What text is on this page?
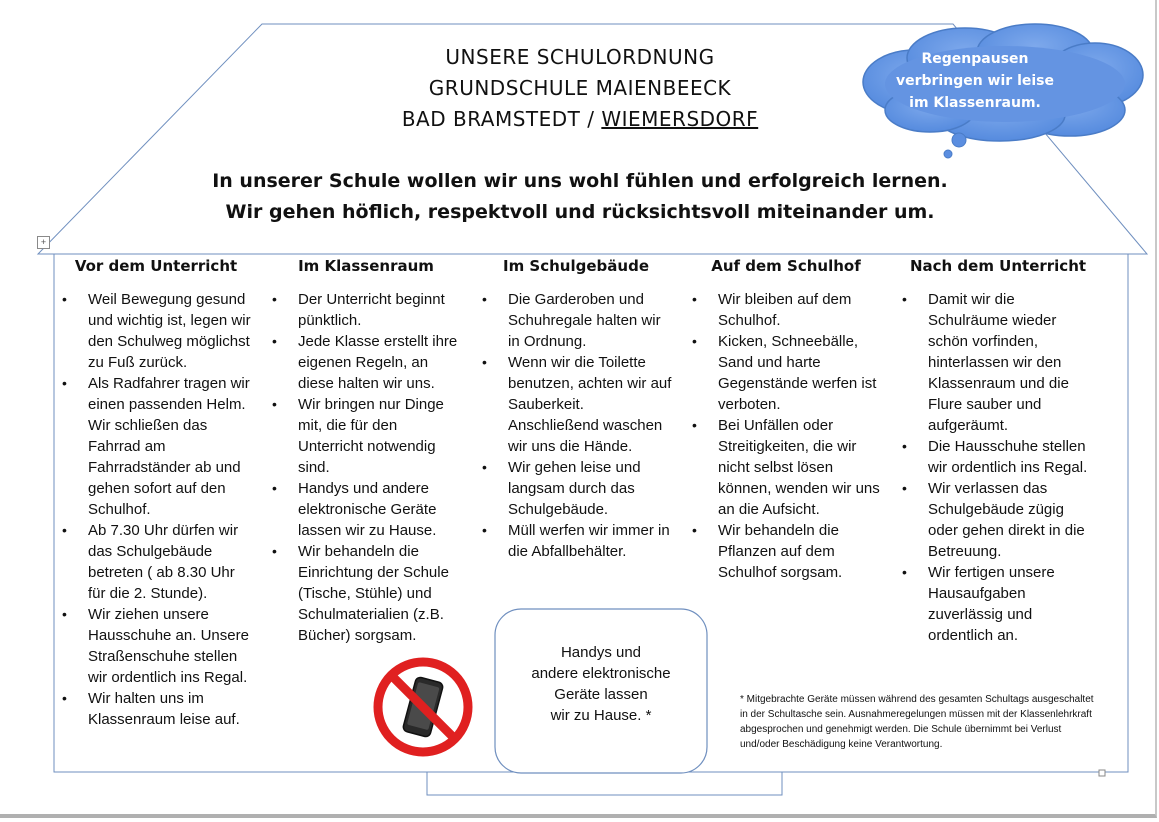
Regenpausen
verbringen wir leise
im Klassenraum.
UNSERE SCHULORDNUNG
GRUNDSCHULE MAIENBEECK
BAD BRAMSTEDT / WIEMERSDORF
In unserer Schule wollen wir uns wohl fühlen und erfolgreich lernen.
Wir gehen höflich, respektvoll und rücksichtsvoll miteinander um.
+
Vor dem Unterricht
• Weil Bewegung gesund und wichtig ist, legen wir den Schulweg möglichst zu Fuß zurück.
• Als Radfahrer tragen wir einen passenden Helm. Wir schließen das Fahrrad am Fahrradständer ab und gehen sofort auf den Schulhof.
• Ab 7.30 Uhr dürfen wir das Schulgebäude betreten ( ab 8.30 Uhr für die 2. Stunde).
• Wir ziehen unsere Hausschuhe an. Unsere Straßenschuhe stellen wir ordentlich ins Regal.
• Wir halten uns im Klassenraum leise auf.
Im Klassenraum
• Der Unterricht beginnt pünktlich.
• Jede Klasse erstellt ihre eigenen Regeln, an diese halten wir uns.
• Wir bringen nur Dinge mit, die für den Unterricht notwendig sind.
• Handys und andere elektronische Geräte lassen wir zu Hause.
• Wir behandeln die Einrichtung der Schule (Tische, Stühle) und Schulmaterialien (z.B. Bücher) sorgsam.
Im Schulgebäude
• Die Garderoben und Schuhregale halten wir in Ordnung.
• Wenn wir die Toilette benutzen, achten wir auf Sauberkeit. Anschließend waschen wir uns die Hände.
• Wir gehen leise und langsam durch das Schulgebäude.
• Müll werfen wir immer in die Abfallbehälter.
Auf dem Schulhof
• Wir bleiben auf dem Schulhof.
• Kicken, Schneebälle, Sand und harte Gegenstände werfen ist verboten.
• Bei Unfällen oder Streitigkeiten, die wir nicht selbst lösen können, wenden wir uns an die Aufsicht.
• Wir behandeln die Pflanzen auf dem Schulhof sorgsam.
Nach dem Unterricht
• Damit wir die Schulräume wieder schön vorfinden, hinterlassen wir den Klassenraum und die Flure sauber und aufgeräumt.
• Die Hausschuhe stellen wir ordentlich ins Regal.
• Wir verlassen das Schulgebäude zügig oder gehen direkt in die Betreuung.
• Wir fertigen unsere Hausaufgaben zuverlässig und ordentlich an.
Handys und
andere elektronische
Geräte lassen
wir zu Hause. *
* Mitgebrachte Geräte müssen während des gesamten Schultags ausgeschaltet in der Schultasche sein. Ausnahmeregelungen müssen mit der Klassenlehrkraft abgesprochen und genehmigt werden. Die Schule übernimmt bei Verlust und/oder Beschädigung keine Verantwortung.
